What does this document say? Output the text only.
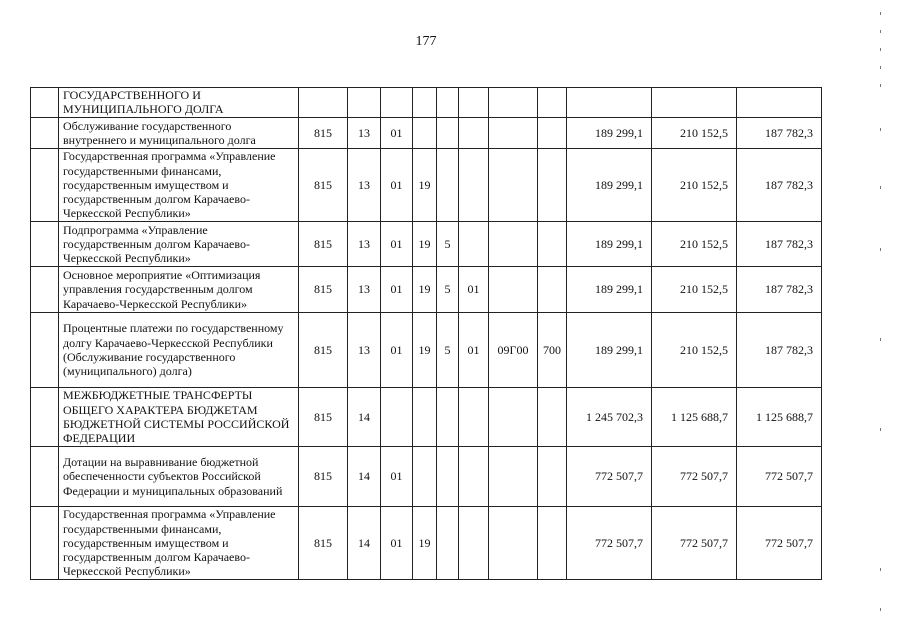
177
	ГОСУДАРСТВЕННОГО И МУНИЦИПАЛЬНОГО ДОЛГА											
	Обслуживание государственного внутреннего и муниципального долга	815	13	01						189 299,1	210 152,5	187 782,3
	Государственная программа «Управление государственными финансами, государственным имуществом и государственным долгом Карачаево-Черкесской Республики»	815	13	01	19					189 299,1	210 152,5	187 782,3
	Подпрограмма «Управление государственным долгом Карачаево-Черкесской Республики»	815	13	01	19	5				189 299,1	210 152,5	187 782,3
	Основное мероприятие «Оптимизация управления государственным долгом Карачаево-Черкесской Республики»	815	13	01	19	5	01			189 299,1	210 152,5	187 782,3
	Процентные платежи по государственному долгу Карачаево-Черкесской Республики (Обслуживание государственного (муниципального) долга)	815	13	01	19	5	01	09Г00	700	189 299,1	210 152,5	187 782,3
	МЕЖБЮДЖЕТНЫЕ ТРАНСФЕРТЫ ОБЩЕГО ХАРАКТЕРА БЮДЖЕТАМ БЮДЖЕТНОЙ СИСТЕМЫ РОССИЙСКОЙ ФЕДЕРАЦИИ	815	14							1 245 702,3	1 125 688,7	1 125 688,7
	Дотации на выравнивание бюджетной обеспеченности субъектов Российской Федерации и муниципальных образований	815	14	01						772 507,7	772 507,7	772 507,7
	Государственная программа «Управление государственными финансами, государственным имуществом и государственным долгом Карачаево-Черкесской Республики»	815	14	01	19					772 507,7	772 507,7	772 507,7
